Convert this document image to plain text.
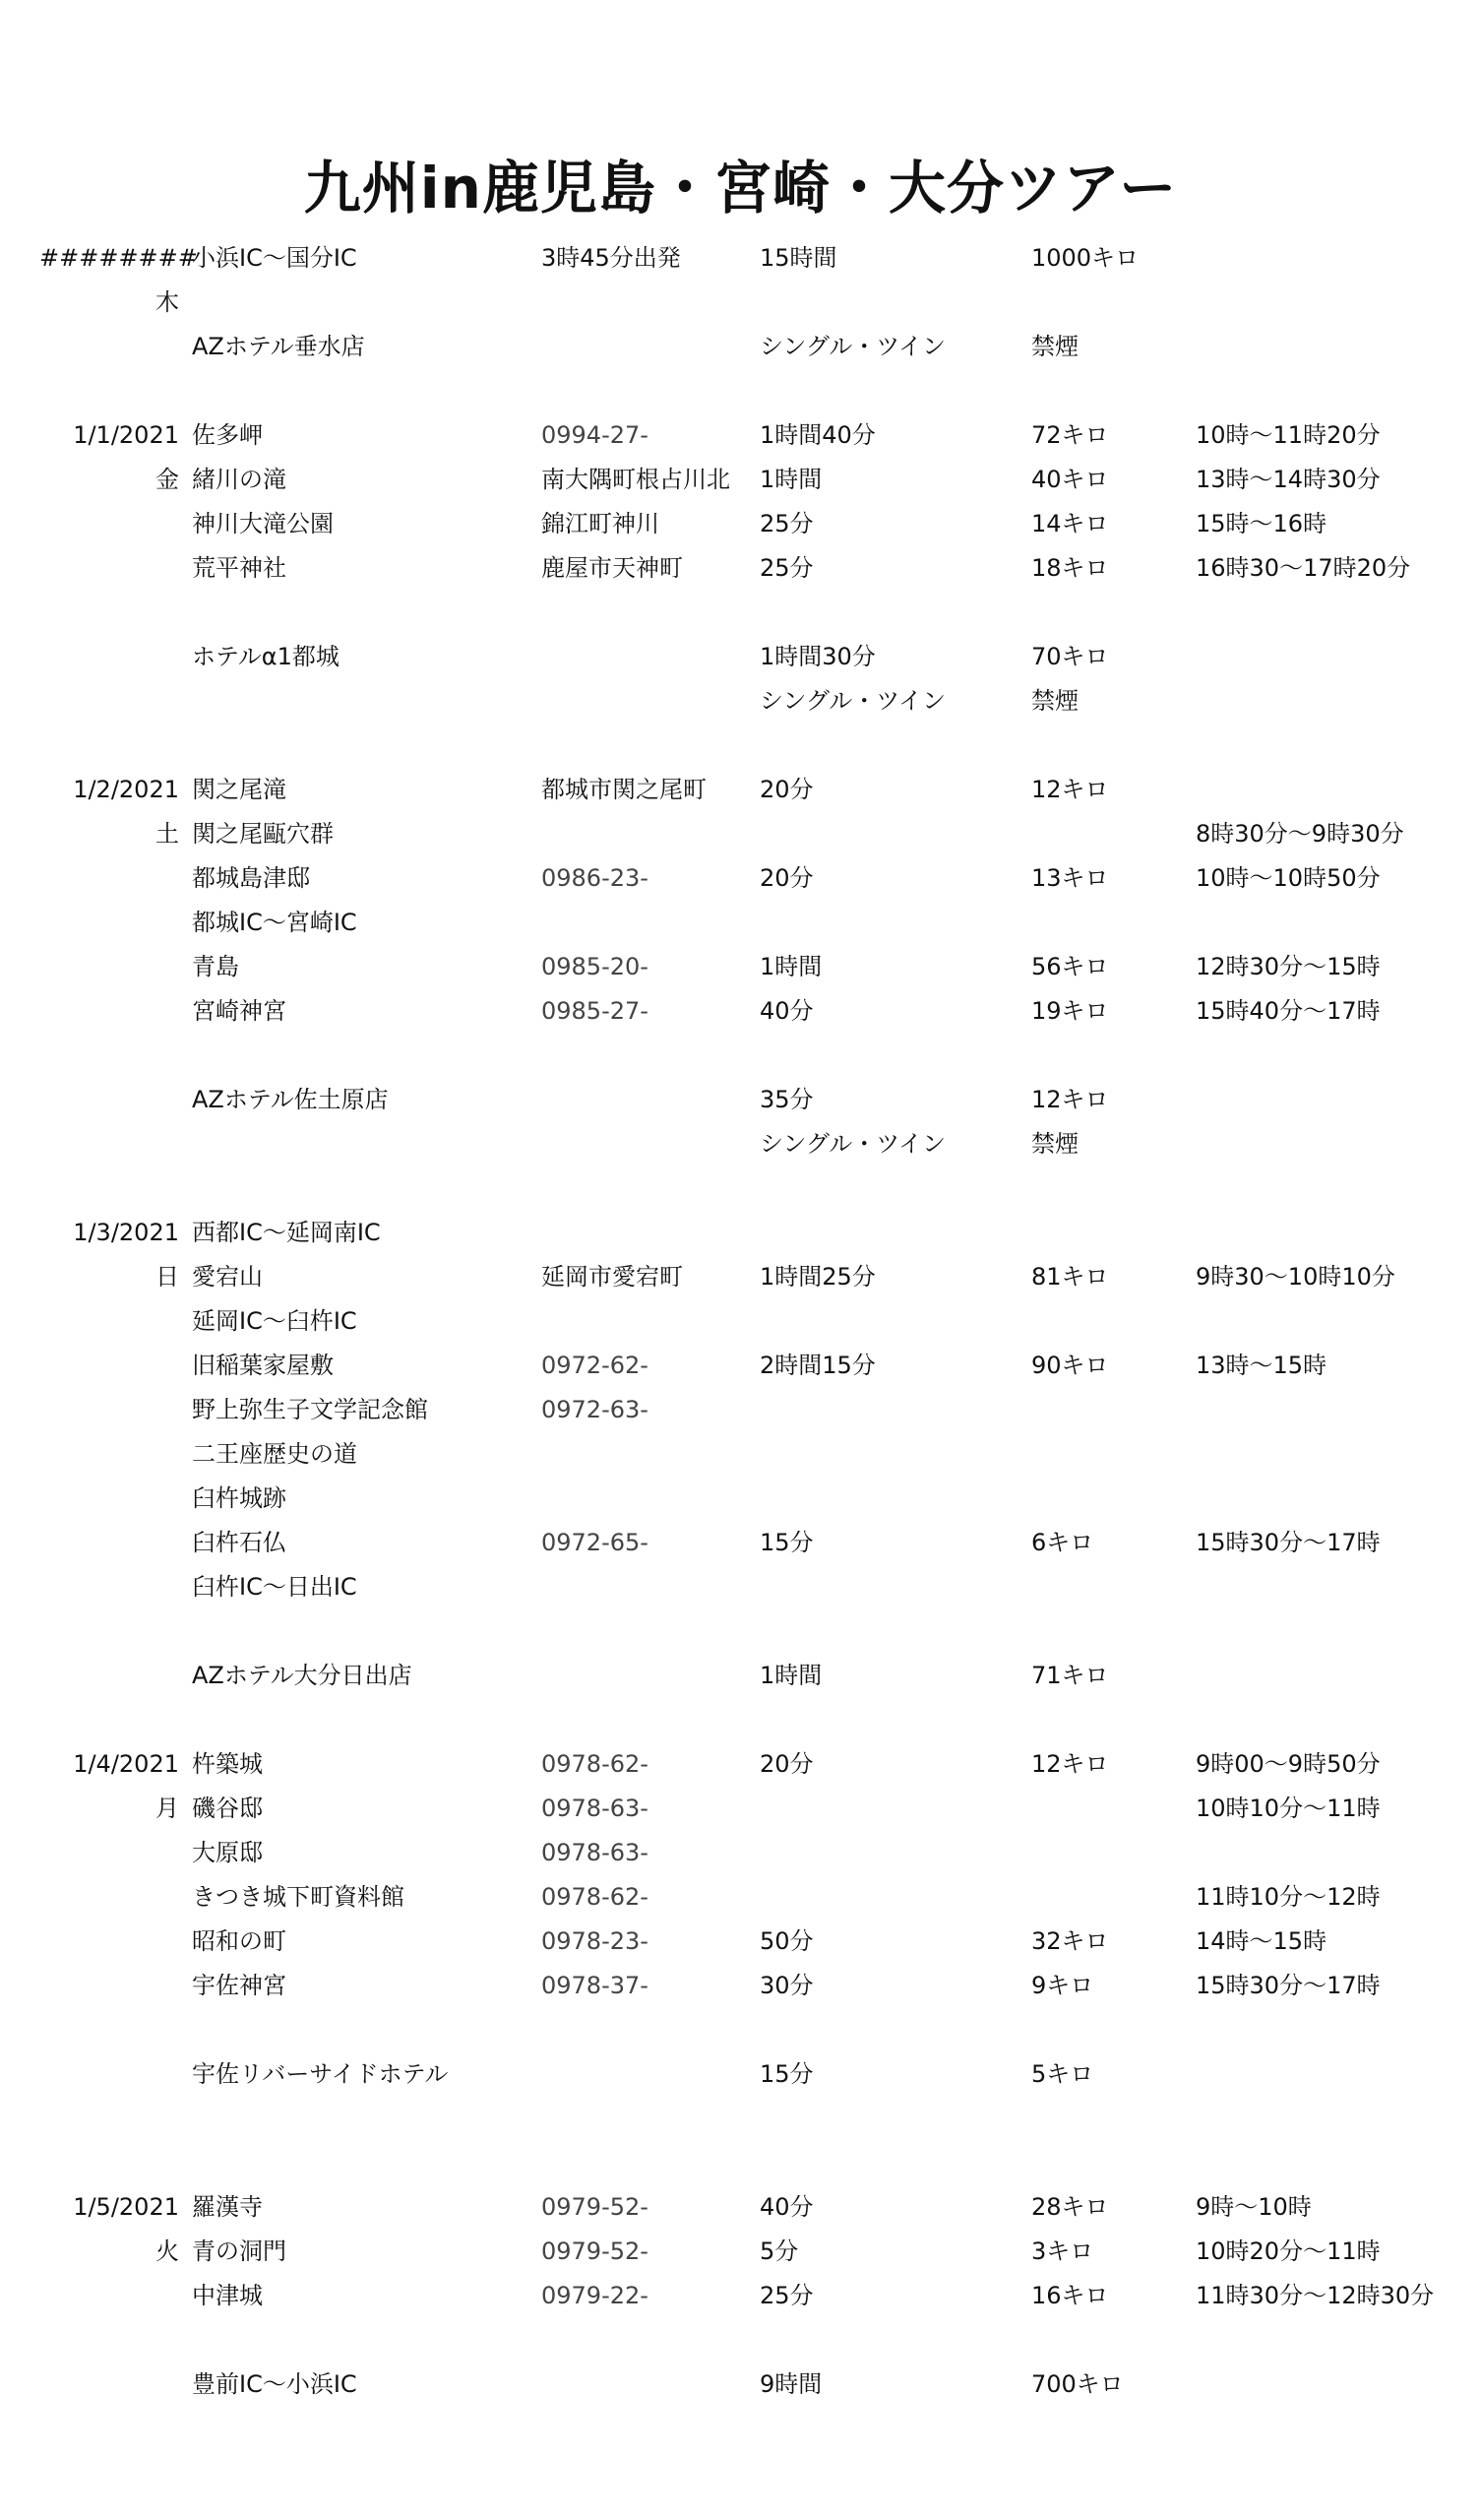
九州in鹿児島・宮崎・大分ツアー
########
小浜IC～国分IC	3時45分出発	15時間	1000キロ
木
AZホテル垂水店	シングル・ツイン	禁煙
1/1/2021 佐多岬	0994-27-	1時間40分	72キロ	10時～11時20分
金 緒川の滝	南大隅町根占川北 1時間	40キロ	13時～14時30分
神川大滝公園	錦江町神川	25分	14キロ	15時～16時
荒平神社	鹿屋市天神町	25分	18キロ	16時30～17時20分
ホテルα1都城	1時間30分	70キロ
シングル・ツイン	禁煙
1/2/2021 関之尾滝	都城市関之尾町 20分	12キロ
土 関之尾甌穴群	8時30分～9時30分
都城島津邸	0986-23-	20分	13キロ	10時～10時50分
都城IC～宮崎IC
青島	0985-20-	1時間	56キロ	12時30分～15時
宮崎神宮	0985-27-	40分	19キロ	15時40分～17時
AZホテル佐土原店	35分	12キロ
シングル・ツイン	禁煙
1/3/2021 西都IC～延岡南IC
日 愛宕山	延岡市愛宕町	1時間25分	81キロ	9時30～10時10分
延岡IC～臼杵IC
旧稲葉家屋敷	0972-62-	2時間15分	90キロ	13時～15時
野上弥生子文学記念館	0972-63-
二王座歴史の道
臼杵城跡
臼杵石仏	0972-65-	15分	6キロ	15時30分～17時
臼杵IC～日出IC
AZホテル大分日出店	1時間	71キロ
1/4/2021 杵築城	0978-62-	20分	12キロ	9時00～9時50分
月 磯谷邸	0978-63-	10時10分～11時
大原邸	0978-63-
きつき城下町資料館	0978-62-	11時10分～12時
昭和の町	0978-23-	50分	32キロ	14時～15時
宇佐神宮	0978-37-	30分	9キロ	15時30分～17時
宇佐リバーサイドホテル	15分	5キロ
1/5/2021 羅漢寺	0979-52-	40分	28キロ	9時～10時
火 青の洞門	0979-52-	5分	3キロ	10時20分～11時
中津城	0979-22-	25分	16キロ	11時30分～12時30分
豊前IC～小浜IC	9時間	700キロ
